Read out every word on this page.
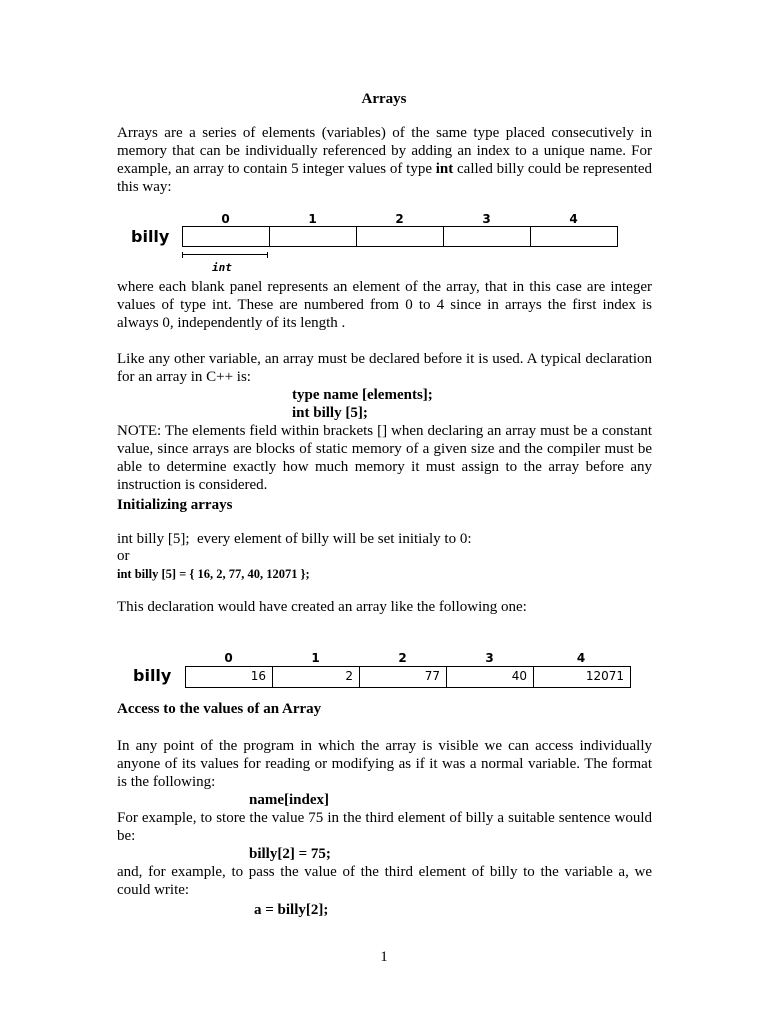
Arrays

Arrays are a series of elements (variables) of the same type placed consecutively in memory that can be individually referenced by adding an index to a unique name. For example, an array to contain 5 integer values of type int called billy could be represented this way:

billy
0	1	2	3	4
int

where each blank panel represents an element of the array, that in this case are integer values of type int. These are numbered from 0 to 4 since in arrays the first index is always 0, independently of its length .

Like any other variable, an array must be declared before it is used. A typical declaration for an array in C++ is:

type name [elements];
int billy [5];

NOTE: The elements field within brackets [] when declaring an array must be a constant value, since arrays are blocks of static memory of a given size and the compiler must be able to determine exactly how much memory it must assign to the array before any instruction is considered.

Initializing arrays
int billy [5];  every element of billy will be set initialy to 0:
or
int billy [5] = { 16, 2, 77, 40, 12071 };

This declaration would have created an array like the following one:

billy
0	1	2	3	4
16	2	77	40	12071
Access to the values of an Array

In any point of the program in which the array is visible we can access individually anyone of its values for reading or modifying as if it was a normal variable. The format is the following:

name[index]

For example, to store the value 75 in the third element of billy a suitable sentence would be:

billy[2] = 75;

and, for example, to pass the value of the third element of billy to the variable a, we could write:

a = billy[2];
1
